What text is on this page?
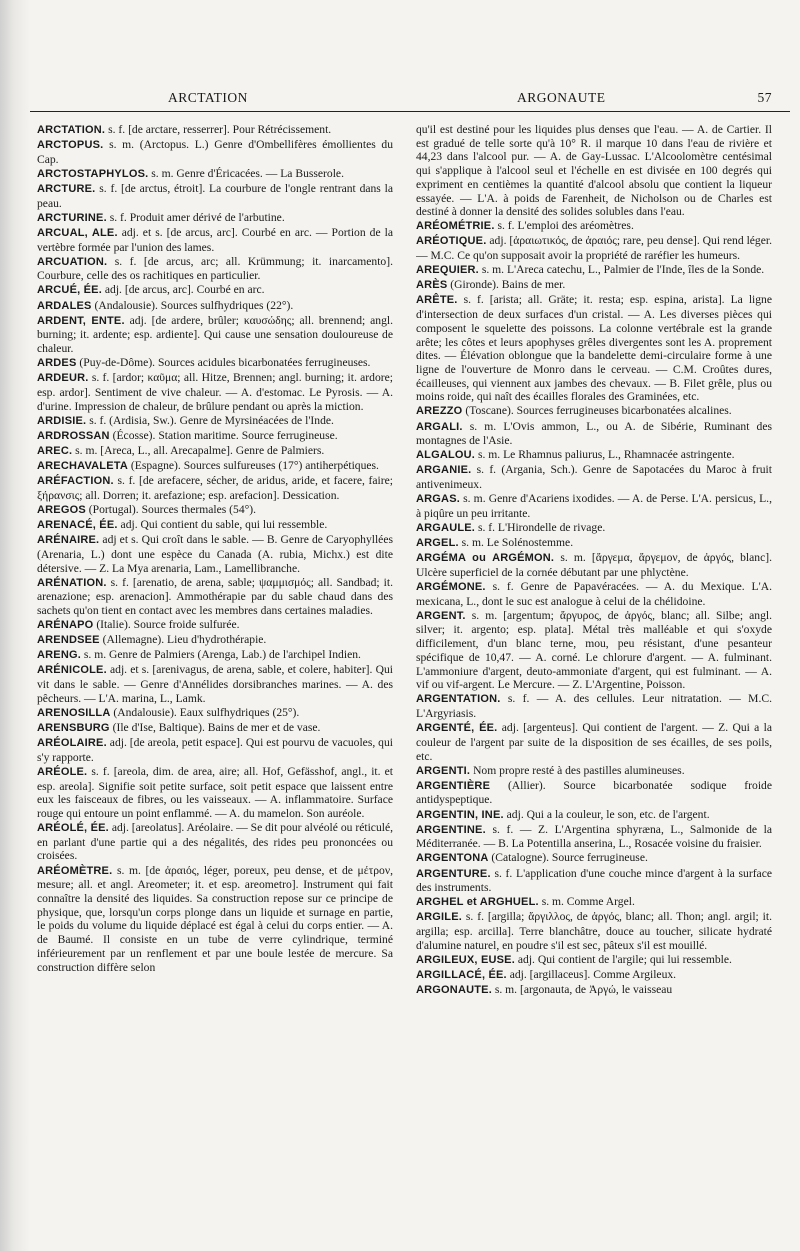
ARCTATION	ARGONAUTE	57

ARCTATION. s. f. [de arctare, resserrer]. Pour Rétrécissement.

ARCTOPUS. s. m. (Arctopus. L.) Genre d'Ombellifères émollientes du Cap.

ARCTOSTAPHYLOS. s. m. Genre d'Éricacées. — La Busserole.

ARCTURE. s. f. [de arctus, étroit]. La courbure de l'ongle rentrant dans la peau.

ARCTURINE. s. f. Produit amer dérivé de l'arbutine.

ARCUAL, ALE. adj. et s. [de arcus, arc]. Courbé en arc. — Portion de la vertèbre formée par l'union des lames.

ARCUATION. s. f. [de arcus, arc; all. Krümmung; it. inarcamento]. Courbure, celle des os rachitiques en particulier.

ARCUÉ, ÉE. adj. [de arcus, arc]. Courbé en arc.

ARDALES (Andalousie). Sources sulfhydriques (22°).

ARDENT, ENTE. adj. [de ardere, brûler; καυσώδης; all. brennend; angl. burning; it. ardente; esp. ardiente]. Qui cause une sensation douloureuse de chaleur.

ARDES (Puy-de-Dôme). Sources acidules bicarbonatées ferrugineuses.

ARDEUR. s. f. [ardor; καῦμα; all. Hitze, Brennen; angl. burning; it. ardore; esp. ardor]. Sentiment de vive chaleur. — A. d'estomac. Le Pyrosis. — A. d'urine. Impression de chaleur, de brûlure pendant ou après la miction.

ARDISIE. s. f. (Ardisia, Sw.). Genre de Myrsinéacées de l'Inde.

ARDROSSAN (Écosse). Station maritime. Source ferrugineuse.

AREC. s. m. [Areca, L., all. Arecapalme]. Genre de Palmiers.

ARECHAVALETA (Espagne). Sources sulfureuses (17°) antiherpétiques.

ARÉFACTION. s. f. [de arefacere, sécher, de aridus, aride, et facere, faire; ξήρανσις; all. Dorren; it. arefazione; esp. arefacion]. Dessication.

AREGOS (Portugal). Sources thermales (54°).

ARENACÉ, ÉE. adj. Qui contient du sable, qui lui ressemble.

ARÉNAIRE. adj et s. Qui croît dans le sable. — B. Genre de Caryophyllées (Arenaria, L.) dont une espèce du Canada (A. rubia, Michx.) est dite détersive. — Z. La Mya arenaria, Lam., Lamellibranche.

ARÉNATION. s. f. [arenatio, de arena, sable; ψαμμισμός; all. Sandbad; it. arenazione; esp. arenacion]. Ammothérapie par du sable chaud dans des sachets qu'on tient en contact avec les membres dans certaines maladies.

ARÉNAPO (Italie). Source froide sulfurée.

ARENDSEE (Allemagne). Lieu d'hydrothérapie.

ARENG. s. m. Genre de Palmiers (Arenga, Lab.) de l'archipel Indien.

ARÉNICOLE. adj. et s. [arenivagus, de arena, sable, et colere, habiter]. Qui vit dans le sable. — Genre d'Annélides dorsibranches marines. — A. des pêcheurs. — L'A. marina, L., Lamk.

ARENOSILLA (Andalousie). Eaux sulfhydriques (25°).

ARENSBURG (Ile d'Ise, Baltique). Bains de mer et de vase.

ARÉOLAIRE. adj. [de areola, petit espace]. Qui est pourvu de vacuoles, qui s'y rapporte.

ARÉOLE. s. f. [areola, dim. de area, aire; all. Hof, Gefässhof, angl., it. et esp. areola]. Signifie soit petite surface, soit petit espace que laissent entre eux les faisceaux de fibres, ou les vaisseaux. — A. inflammatoire. Surface rouge qui entoure un point enflammé. — A. du mamelon. Son auréole.

ARÉOLÉ, ÉE. adj. [areolatus]. Aréolaire. — Se dit pour alvéolé ou réticulé, en parlant d'une partie qui a des négalités, des rides peu prononcées ou croisées.

ARÉOMÈTRE. s. m. [de ἀραιός, léger, poreux, peu dense, et de μέτρον, mesure; all. et angl. Areometer; it. et esp. areometro]. Instrument qui fait connaître la densité des liquides. Sa construction repose sur ce principe de physique, que, lorsqu'un corps plonge dans un liquide et surnage en partie, le poids du volume du liquide déplacé est égal à celui du corps entier. — A. de Baumé. Il consiste en un tube de verre cylindrique, terminé inférieurement par un renflement et par une boule lestée de mercure. Sa construction diffère selon

qu'il est destiné pour les liquides plus denses que l'eau. — A. de Cartier. Il est gradué de telle sorte qu'à 10° R. il marque 10 dans l'eau de rivière et 44,23 dans l'alcool pur. — A. de Gay-Lussac. L'Alcoolomètre centésimal qui s'applique à l'alcool seul et l'échelle en est divisée en 100 degrés qui expriment en centièmes la quantité d'alcool absolu que contient la liqueur essayée. — L'A. à poids de Farenheit, de Nicholson ou de Charles est destiné à donner la densité des solides solubles dans l'eau.

ARÉOMÉTRIE. s. f. L'emploi des aréomètres.

ARÉOTIQUE. adj. [ἀραιωτικός, de ἀραιός; rare, peu dense]. Qui rend léger. — M.C. Ce qu'on supposait avoir la propriété de raréfier les humeurs.

AREQUIER. s. m. L'Areca catechu, L., Palmier de l'Inde, îles de la Sonde.

ARÈS (Gironde). Bains de mer.

ARÊTE. s. f. [arista; all. Gräte; it. resta; esp. espina, arista]. La ligne d'intersection de deux surfaces d'un cristal. — A. Les diverses pièces qui composent le squelette des poissons. La colonne vertébrale est la grande arête; les côtes et leurs apophyses grêles divergentes sont les A. proprement dites. — Élévation oblongue que la bandelette demi-circulaire forme à une ligne de l'ouverture de Monro dans le cerveau. — C.M. Croûtes dures, écailleuses, qui viennent aux jambes des chevaux. — B. Filet grêle, plus ou moins roide, qui naît des écailles florales des Graminées, etc.

AREZZO (Toscane). Sources ferrugineuses bicarbonatées alcalines.

ARGALI. s. m. L'Ovis ammon, L., ou A. de Sibérie, Ruminant des montagnes de l'Asie.

ALGALOU. s. m. Le Rhamnus paliurus, L., Rhamnacée astringente.

ARGANIE. s. f. (Argania, Sch.). Genre de Sapotacées du Maroc à fruit antivenimeux.

ARGAS. s. m. Genre d'Acariens ixodides. — A. de Perse. L'A. persicus, L., à piqûre un peu irritante.

ARGAULE. s. f. L'Hirondelle de rivage.

ARGEL. s. m. Le Solénostemme.

ARGÉMA ou ARGÉMON. s. m. [ἄργεμα, ἄργεμον, de ἀργός, blanc]. Ulcère superficiel de la cornée débutant par une phlyctène.

ARGÉMONE. s. f. Genre de Papavéracées. — A. du Mexique. L'A. mexicana, L., dont le suc est analogue à celui de la chélidoine.

ARGENT. s. m. [argentum; ἄργυρος, de ἀργός, blanc; all. Silbe; angl. silver; it. argento; esp. plata]. Métal très malléable et qui s'oxyde difficilement, d'un blanc terne, mou, peu résistant, d'une pesanteur spécifique de 10,47. — A. corné. Le chlorure d'argent. — A. fulminant. L'ammoniure d'argent, deuto-ammoniate d'argent, qui est fulminant. — A. vif ou vif-argent. Le Mercure. — Z. L'Argentine, Poisson.

ARGENTATION. s. f. — A. des cellules. Leur nitratation. — M.C. L'Argyriasis.

ARGENTÉ, ÉE. adj. [argenteus]. Qui contient de l'argent. — Z. Qui a la couleur de l'argent par suite de la disposition de ses écailles, de ses poils, etc.

ARGENTI. Nom propre resté à des pastilles alumineuses.

ARGENTIÈRE (Allier). Source bicarbonatée sodique froide antidyspeptique.

ARGENTIN, INE. adj. Qui a la couleur, le son, etc. de l'argent.

ARGENTINE. s. f. — Z. L'Argentina sphyræna, L., Salmonide de la Méditerranée. — B. La Potentilla anserina, L., Rosacée voisine du fraisier.

ARGENTONA (Catalogne). Source ferrugineuse.

ARGENTURE. s. f. L'application d'une couche mince d'argent à la surface des instruments.

ARGHEL et ARGHUEL. s. m. Comme Argel.

ARGILE. s. f. [argilla; ἄργιλλος, de ἀργός, blanc; all. Thon; angl. argil; it. argilla; esp. arcilla]. Terre blanchâtre, douce au toucher, silicate hydraté d'alumine naturel, en poudre s'il est sec, pâteux s'il est mouillé.

ARGILEUX, EUSE. adj. Qui contient de l'argile; qui lui ressemble.

ARGILLACÉ, ÉE. adj. [argillaceus]. Comme Argileux.

ARGONAUTE. s. m. [argonauta, de Ἀργώ, le vaisseau
